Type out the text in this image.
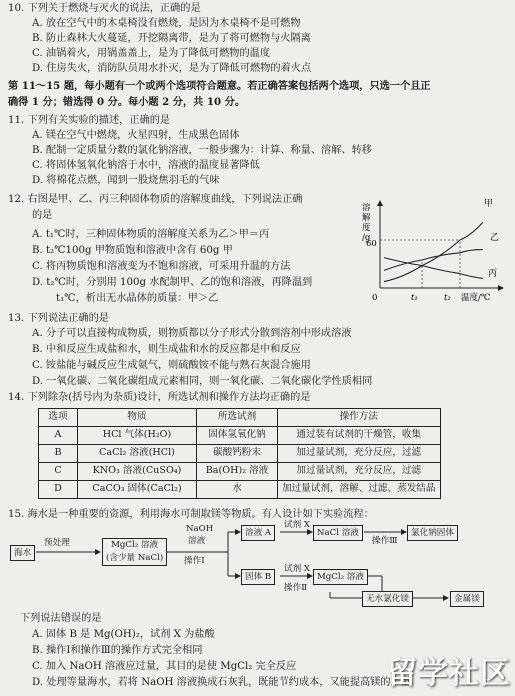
10. 下列关于燃烧与灭火的说法，正确的是
A. 放在空气中的木桌椅没有燃烧，是因为木桌椅不是可燃物
B. 防止森林大火蔓延，开挖隔离带，是为了将可燃物与火隔离
C. 油锅着火，用锅盖盖上，是为了降低可燃物的温度
D. 住房失火，消防队员用水扑灭，是为了降低可燃物的着火点
第 11～15 题，每小题有一个或两个选项符合题意。若正确答案包括两个选项，只选一个且正
确得 1 分；错选得 0 分。每小题 2 分，共 10 分。
11. 下列有关实验的描述，正确的是
A. 镁在空气中燃烧，火星四射，生成黑色固体
B. 配制一定质量分数的氯化钠溶液，一般步骤为：计算、称量、溶解、转移
C. 将固体氢氧化钠溶于水中，溶液的温度显著降低
D. 将棉花点燃，闻到一股烧焦羽毛的气味
12. 右图是甲、乙、丙三种固体物质的溶解度曲线，下列说法正确
的是
A. t₁℃时，三种固体物质的溶解度关系为乙＞甲＝丙
B. t₂℃100g 甲物质饱和溶液中含有 60g 甲
C. 将丙物质饱和溶液变为不饱和溶液，可采用升温的方法
D. t₂℃时，分别用 100g 水配制甲、乙的饱和溶液，再降温到
t₁℃，析出无水晶体的质量：甲＞乙
溶
解
度
/g
60
0	t₁	t₂ 温度/℃
甲
乙
丙
13. 下列说法正确的是
A. 分子可以直接构成物质，则物质都以分子形式分散到溶剂中形成溶液
B. 中和反应生成盐和水，则生成盐和水的反应都是中和反应
C. 铵盐能与碱反应生成氨气，则硫酸铵不能与熟石灰混合施用
D. 一氧化碳、二氧化碳组成元素相同，则一氧化碳、二氧化碳化学性质相同
14. 下列除杂(括号内为杂质)设计，所选试剂和操作方法均正确的是
选项	物质	所选试剂	操作方法
A	HCl 气体(H₂O)	固体氢氧化钠	通过装有试剂的干燥管，收集
B	CaCl₂ 溶液(HCl)	碳酸钙粉末	加过量试剂，充分反应，过滤
C	KNO₃ 溶液(CuSO₄)	Ba(OH)₂ 溶液	加过量试剂，充分反应，过滤
D	CaCO₃ 固体(CaCl₂)	水	加过量试剂，溶解、过滤、蒸发结晶
15. 海水是一种重要的资源，利用海水可制取镁等物质。有人设计如下实验流程：
海水
预处理	MgCl₂ 溶液
(含少量 NaCl)
NaOH
溶液
操作Ⅰ
溶液 A
试剂 X
NaCl 溶液
操作Ⅲ
氯化钠固体
固体 B
试剂 X
操作Ⅱ
MgCl₂ 溶液
无水氯化镁	金属镁
下列说法错误的是
A. 固体 B 是 Mg(OH)₂，试剂 X 为盐酸
B. 操作Ⅰ和操作Ⅲ的操作方式完全相同
C. 加入 NaOH 溶液应过量，其目的是使 MgCl₂ 完全反应
D. 处理等量海水，若将 NaOH 溶液换成石灰乳，既能节约成本，又能提高镁的产量
留学社区
